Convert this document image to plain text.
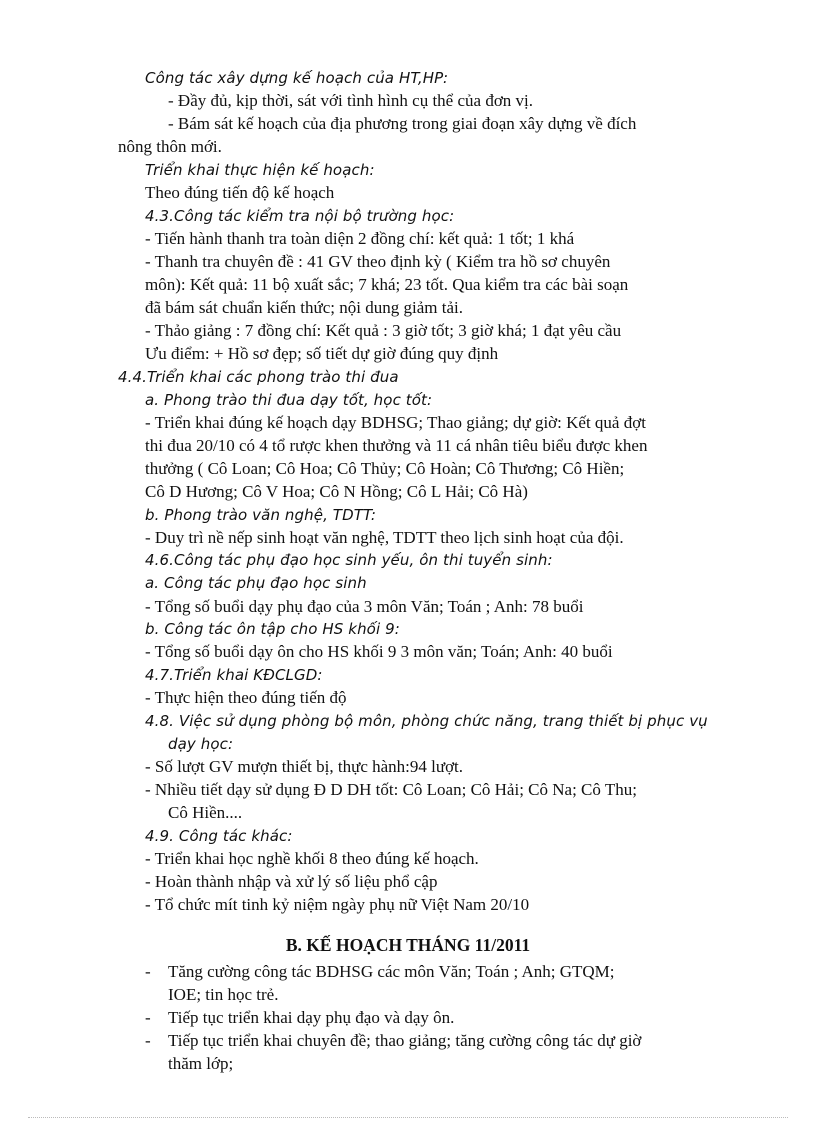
Công tác xây dựng kế hoạch của HT,HP:
- Đầy đủ, kịp thời, sát với tình hình cụ thể của đơn vị.
- Bám sát kế hoạch của địa phương trong giai đoạn xây dựng về đích
nông thôn mới.
Triển khai thực hiện kế hoạch:
Theo đúng tiến độ kế hoạch
4.3.Công tác kiểm tra nội bộ trường học:
- Tiến hành thanh tra toàn diện 2 đồng chí: kết quả: 1 tốt; 1 khá
- Thanh tra chuyên đề : 41 GV theo định kỳ ( Kiểm tra hồ sơ chuyên
môn): Kết quả: 11 bộ xuất sắc; 7 khá; 23 tốt. Qua kiểm tra các bài soạn
đã bám sát chuẩn kiến thức; nội dung giảm tải.
- Thảo giảng : 7 đồng chí: Kết quả : 3 giờ tốt; 3 giờ khá; 1 đạt yêu cầu
Ưu điểm: + Hồ sơ đẹp; số tiết dự giờ đúng quy định
4.4.Triển khai các phong trào thi đua
a. Phong trào thi đua dạy tốt, học tốt:
- Triển khai đúng kế hoạch dạy BDHSG; Thao giảng; dự giờ: Kết quả đợt
thi đua 20/10 có 4 tổ rược khen thưởng và 11 cá nhân tiêu biểu được khen
thưởng ( Cô Loan; Cô Hoa; Cô Thủy; Cô Hoàn; Cô Thương; Cô Hiền;
Cô D Hương; Cô V Hoa; Cô N Hồng; Cô L Hải; Cô Hà)
b. Phong trào văn nghệ, TDTT:
- Duy trì nề nếp sinh hoạt văn nghệ, TDTT theo lịch sinh hoạt của đội.
4.6.Công tác phụ đạo học sinh yếu, ôn thi tuyển sinh:
a. Công tác phụ đạo học sinh
- Tổng số buổi dạy phụ đạo của 3 môn Văn; Toán ; Anh: 78 buổi
b. Công tác ôn tập cho HS khối 9:
- Tổng số buổi dạy ôn cho HS khối 9 3 môn văn; Toán; Anh: 40 buổi
4.7.Triển khai KĐCLGD:
- Thực hiện theo đúng tiến độ
4.8. Việc sử dụng phòng bộ môn, phòng chức năng, trang thiết bị phục vụ
dạy học:
- Số lượt GV mượn thiết bị, thực hành:94 lượt.
- Nhiều tiết dạy sử dụng Đ D DH tốt: Cô Loan; Cô Hải; Cô Na; Cô Thu;
Cô Hiền....
4.9. Công tác khác:
- Triển khai học nghề khối 8 theo đúng kế hoạch.
- Hoàn thành nhập và xử lý số liệu phổ cập
- Tổ chức mít tinh kỷ niệm ngày phụ nữ Việt Nam 20/10
B. KẾ HOẠCH THÁNG 11/2011
- Tăng cường công tác BDHSG các môn Văn; Toán ; Anh; GTQM;
IOE; tin học trẻ.
- Tiếp tục triển khai dạy phụ đạo và dạy ôn.
- Tiếp tục triển khai chuyên đề; thao giảng; tăng cường công tác dự giờ
thăm lớp;
